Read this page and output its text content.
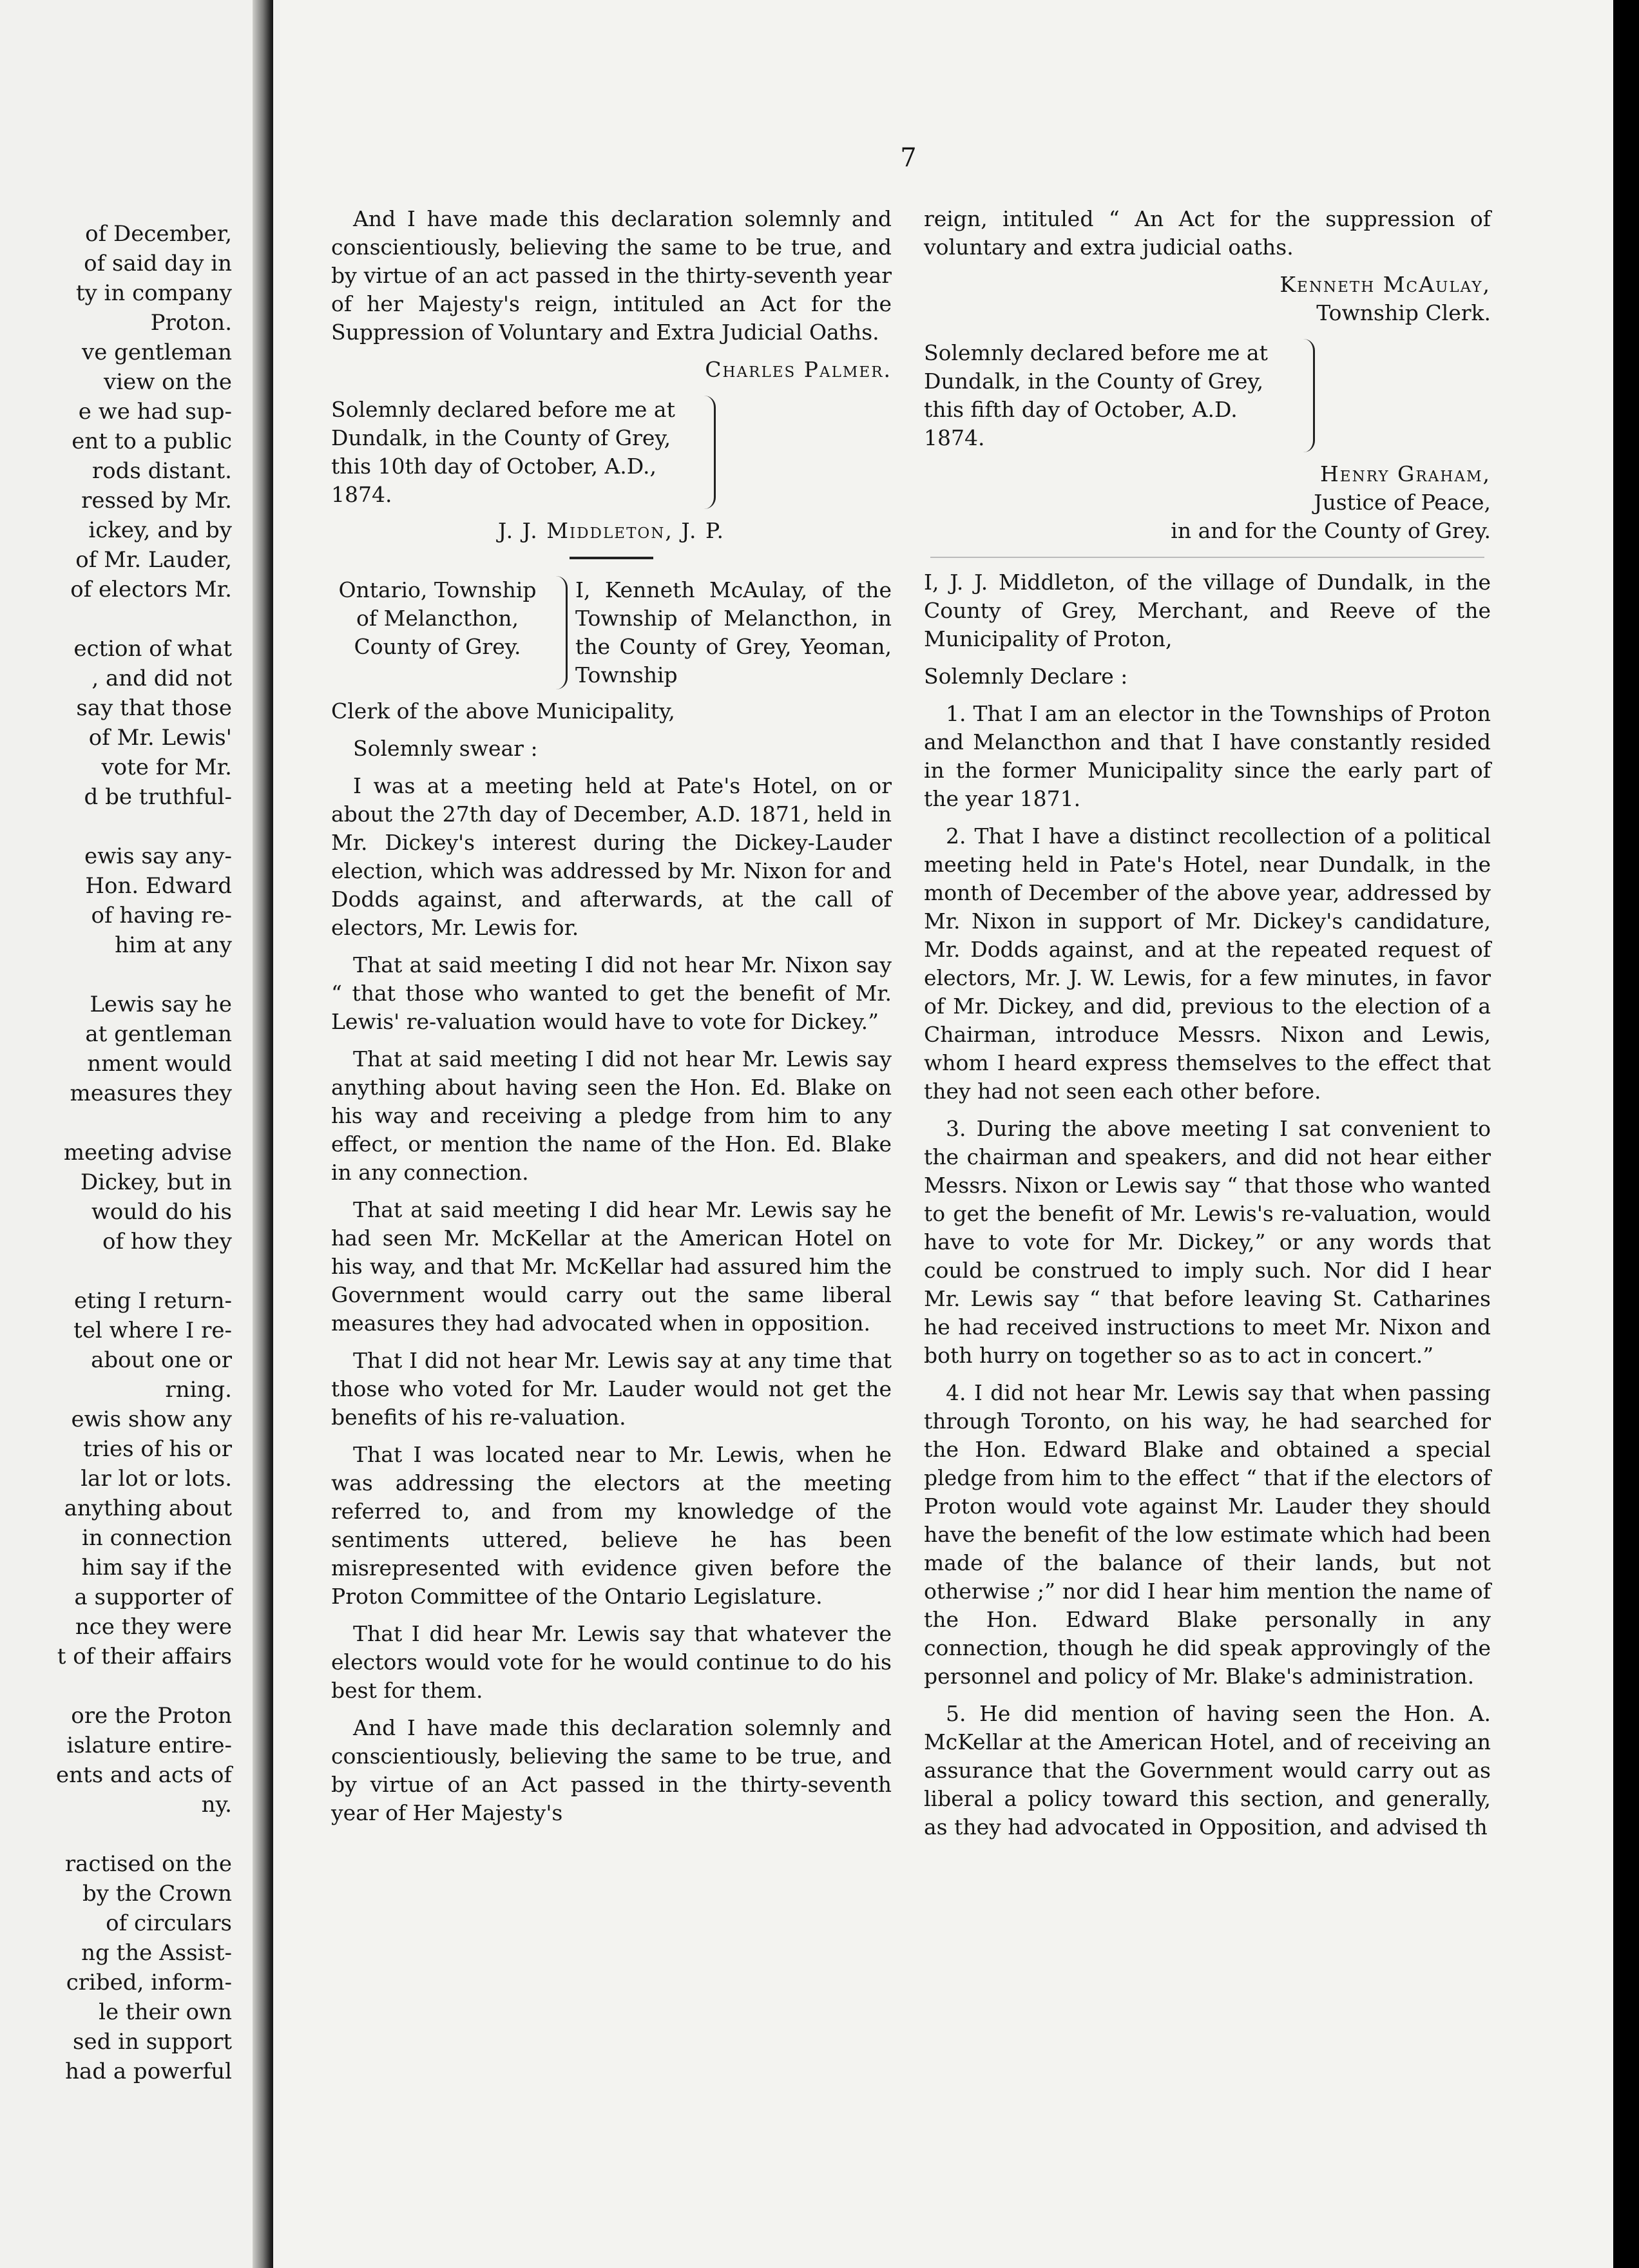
of December,
of said day in
ty in company
Proton.
ve gentleman
view on the
e we had sup-
ent to a public
rods distant.
ressed by Mr.
ickey, and by
of Mr. Lauder,
of electors Mr.
ection of what
, and did not
say that those
of Mr. Lewis'
vote for Mr.
d be truthful-
ewis say any-
Hon. Edward
of having re-
him at any
Lewis say he
at gentleman
nment would
measures they
meeting advise
Dickey, but in
would do his
of how they
eting I return-
tel where I re-
about one or
rning.
ewis show any
tries of his or
lar lot or lots.
anything about
in connection
him say if the
a supporter of
nce they were
t of their affairs
ore the Proton
islature entire-
ents and acts of
ny.
ractised on the
by the Crown
of circulars
ng the Assist-
cribed, inform-
le their own
sed in support
had a powerful
7

And I have made this declaration solemnly and conscientiously, believing the same to be true, and by virtue of an act passed in the thirty-seventh year of her Majesty's reign, intituled an Act for the Suppression of Voluntary and Extra Judicial Oaths.

Charles Palmer.
Solemnly declared before me at Dundalk, in the County of Grey, this 10th day of October, A.D., 1874.
J. J. Middleton, J. P.
Ontario, Township of Melancthon, County of Grey.
I, Kenneth McAulay, of the Township of Melancthon, in the County of Grey, Yeoman, Township

Clerk of the above Municipality,

Solemnly swear :

I was at a meeting held at Pate's Hotel, on or about the 27th day of December, A.D. 1871, held in Mr. Dickey's interest during the Dickey-Lauder election, which was addressed by Mr. Nixon for and Dodds against, and afterwards, at the call of electors, Mr. Lewis for.

That at said meeting I did not hear Mr. Nixon say “ that those who wanted to get the benefit of Mr. Lewis' re-valuation would have to vote for Dickey.”

That at said meeting I did not hear Mr. Lewis say anything about having seen the Hon. Ed. Blake on his way and receiving a pledge from him to any effect, or mention the name of the Hon. Ed. Blake in any connection.

That at said meeting I did hear Mr. Lewis say he had seen Mr. McKellar at the American Hotel on his way, and that Mr. McKellar had assured him the Government would carry out the same liberal measures they had advocated when in opposition.

That I did not hear Mr. Lewis say at any time that those who voted for Mr. Lauder would not get the benefits of his re-valuation.

That I was located near to Mr. Lewis, when he was addressing the electors at the meeting referred to, and from my knowledge of the sentiments uttered, believe he has been misrepresented with evidence given before the Proton Committee of the Ontario Legislature.

That I did hear Mr. Lewis say that whatever the electors would vote for he would continue to do his best for them.

And I have made this declaration solemnly and conscientiously, believing the same to be true, and by virtue of an Act passed in the thirty-seventh year of Her Majesty's

reign, intituled “ An Act for the suppression of voluntary and extra judicial oaths.

Kenneth McAulay,
Township Clerk.
Solemnly declared before me at Dundalk, in the County of Grey, this fifth day of October, A.D. 1874.
Henry Graham,
Justice of Peace,
in and for the County of Grey.

I, J. J. Middleton, of the village of Dundalk, in the County of Grey, Merchant, and Reeve of the Municipality of Proton,

Solemnly Declare :

1. That I am an elector in the Townships of Proton and Melancthon and that I have constantly resided in the former Municipality since the early part of the year 1871.

2. That I have a distinct recollection of a political meeting held in Pate's Hotel, near Dundalk, in the month of December of the above year, addressed by Mr. Nixon in support of Mr. Dickey's candidature, Mr. Dodds against, and at the repeated request of electors, Mr. J. W. Lewis, for a few minutes, in favor of Mr. Dickey, and did, previous to the election of a Chairman, introduce Messrs. Nixon and Lewis, whom I heard express themselves to the effect that they had not seen each other before.

3. During the above meeting I sat convenient to the chairman and speakers, and did not hear either Messrs. Nixon or Lewis say “ that those who wanted to get the benefit of Mr. Lewis's re-valuation, would have to vote for Mr. Dickey,” or any words that could be construed to imply such. Nor did I hear Mr. Lewis say “ that before leaving St. Catharines he had received instructions to meet Mr. Nixon and both hurry on together so as to act in concert.”

4. I did not hear Mr. Lewis say that when passing through Toronto, on his way, he had searched for the Hon. Edward Blake and obtained a special pledge from him to the effect “ that if the electors of Proton would vote against Mr. Lauder they should have the benefit of the low estimate which had been made of the balance of their lands, but not otherwise ;” nor did I hear him mention the name of the Hon. Edward Blake personally in any connection, though he did speak approvingly of the personnel and policy of Mr. Blake's administration.

5. He did mention of having seen the Hon. A. McKellar at the American Hotel, and of receiving an assurance that the Government would carry out as liberal a policy toward this section, and generally, as they had advocated in Opposition, and advised th
